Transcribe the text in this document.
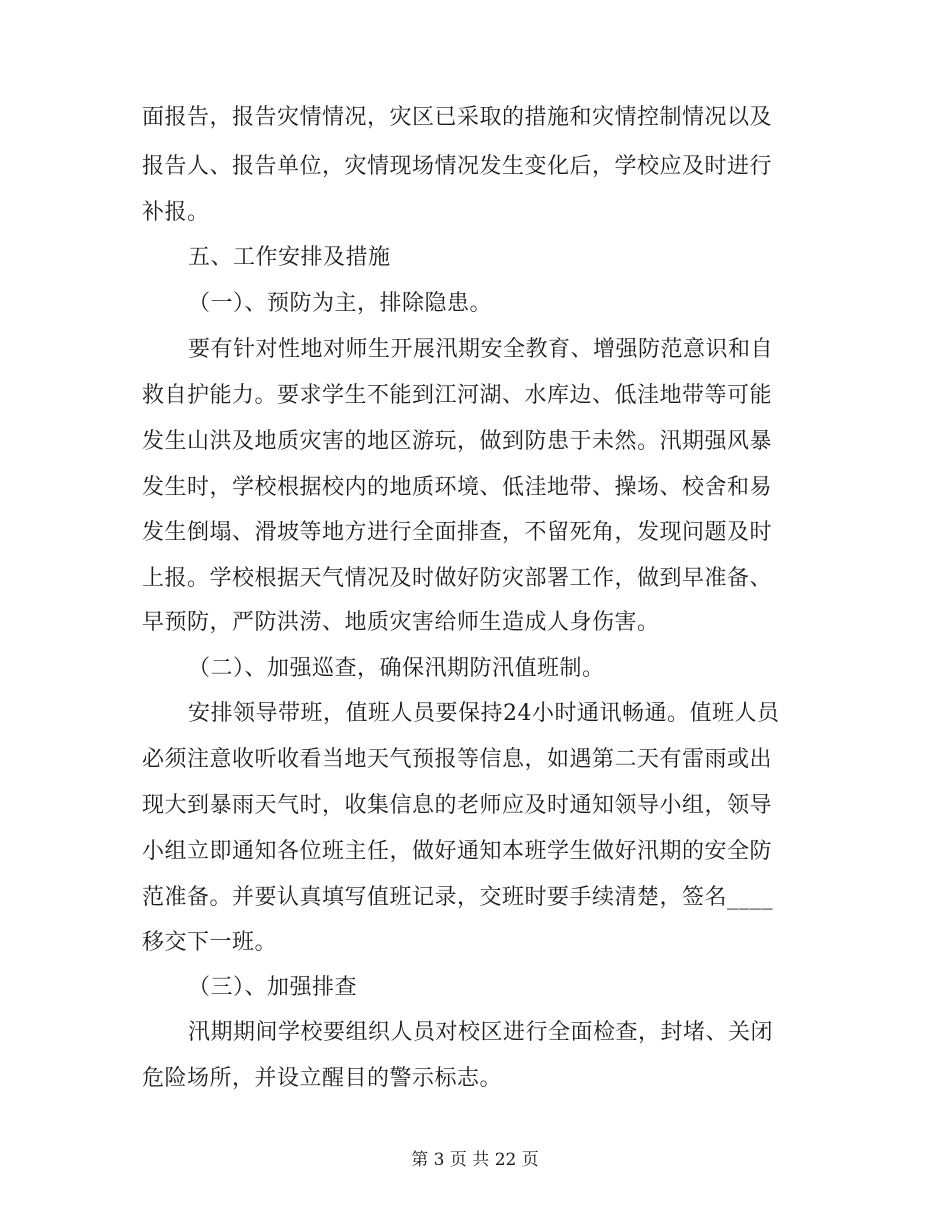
面报告，报告灾情情况，灾区已采取的措施和灾情控制情况以及
报告人、报告单位，灾情现场情况发生变化后，学校应及时进行
补报。
五、工作安排及措施
（一）、预防为主，排除隐患。
要有针对性地对师生开展汛期安全教育、增强防范意识和自
救自护能力。要求学生不能到江河湖、水库边、低洼地带等可能
发生山洪及地质灾害的地区游玩，做到防患于未然。汛期强风暴
发生时，学校根据校内的地质环境、低洼地带、操场、校舍和易
发生倒塌、滑坡等地方进行全面排查，不留死角，发现问题及时
上报。学校根据天气情况及时做好防灾部署工作，做到早准备、
早预防，严防洪涝、地质灾害给师生造成人身伤害。
（二）、加强巡查，确保汛期防汛值班制。
安排领导带班，值班人员要保持24小时通讯畅通。值班人员
必须注意收听收看当地天气预报等信息，如遇第二天有雷雨或出
现大到暴雨天气时，收集信息的老师应及时通知领导小组，领导
小组立即通知各位班主任，做好通知本班学生做好汛期的安全防
范准备。并要认真填写值班记录，交班时要手续清楚，签名____
移交下一班。
（三）、加强排查
汛期期间学校要组织人员对校区进行全面检查，封堵、关闭
危险场所，并设立醒目的警示标志。
第 3 页 共 22 页
